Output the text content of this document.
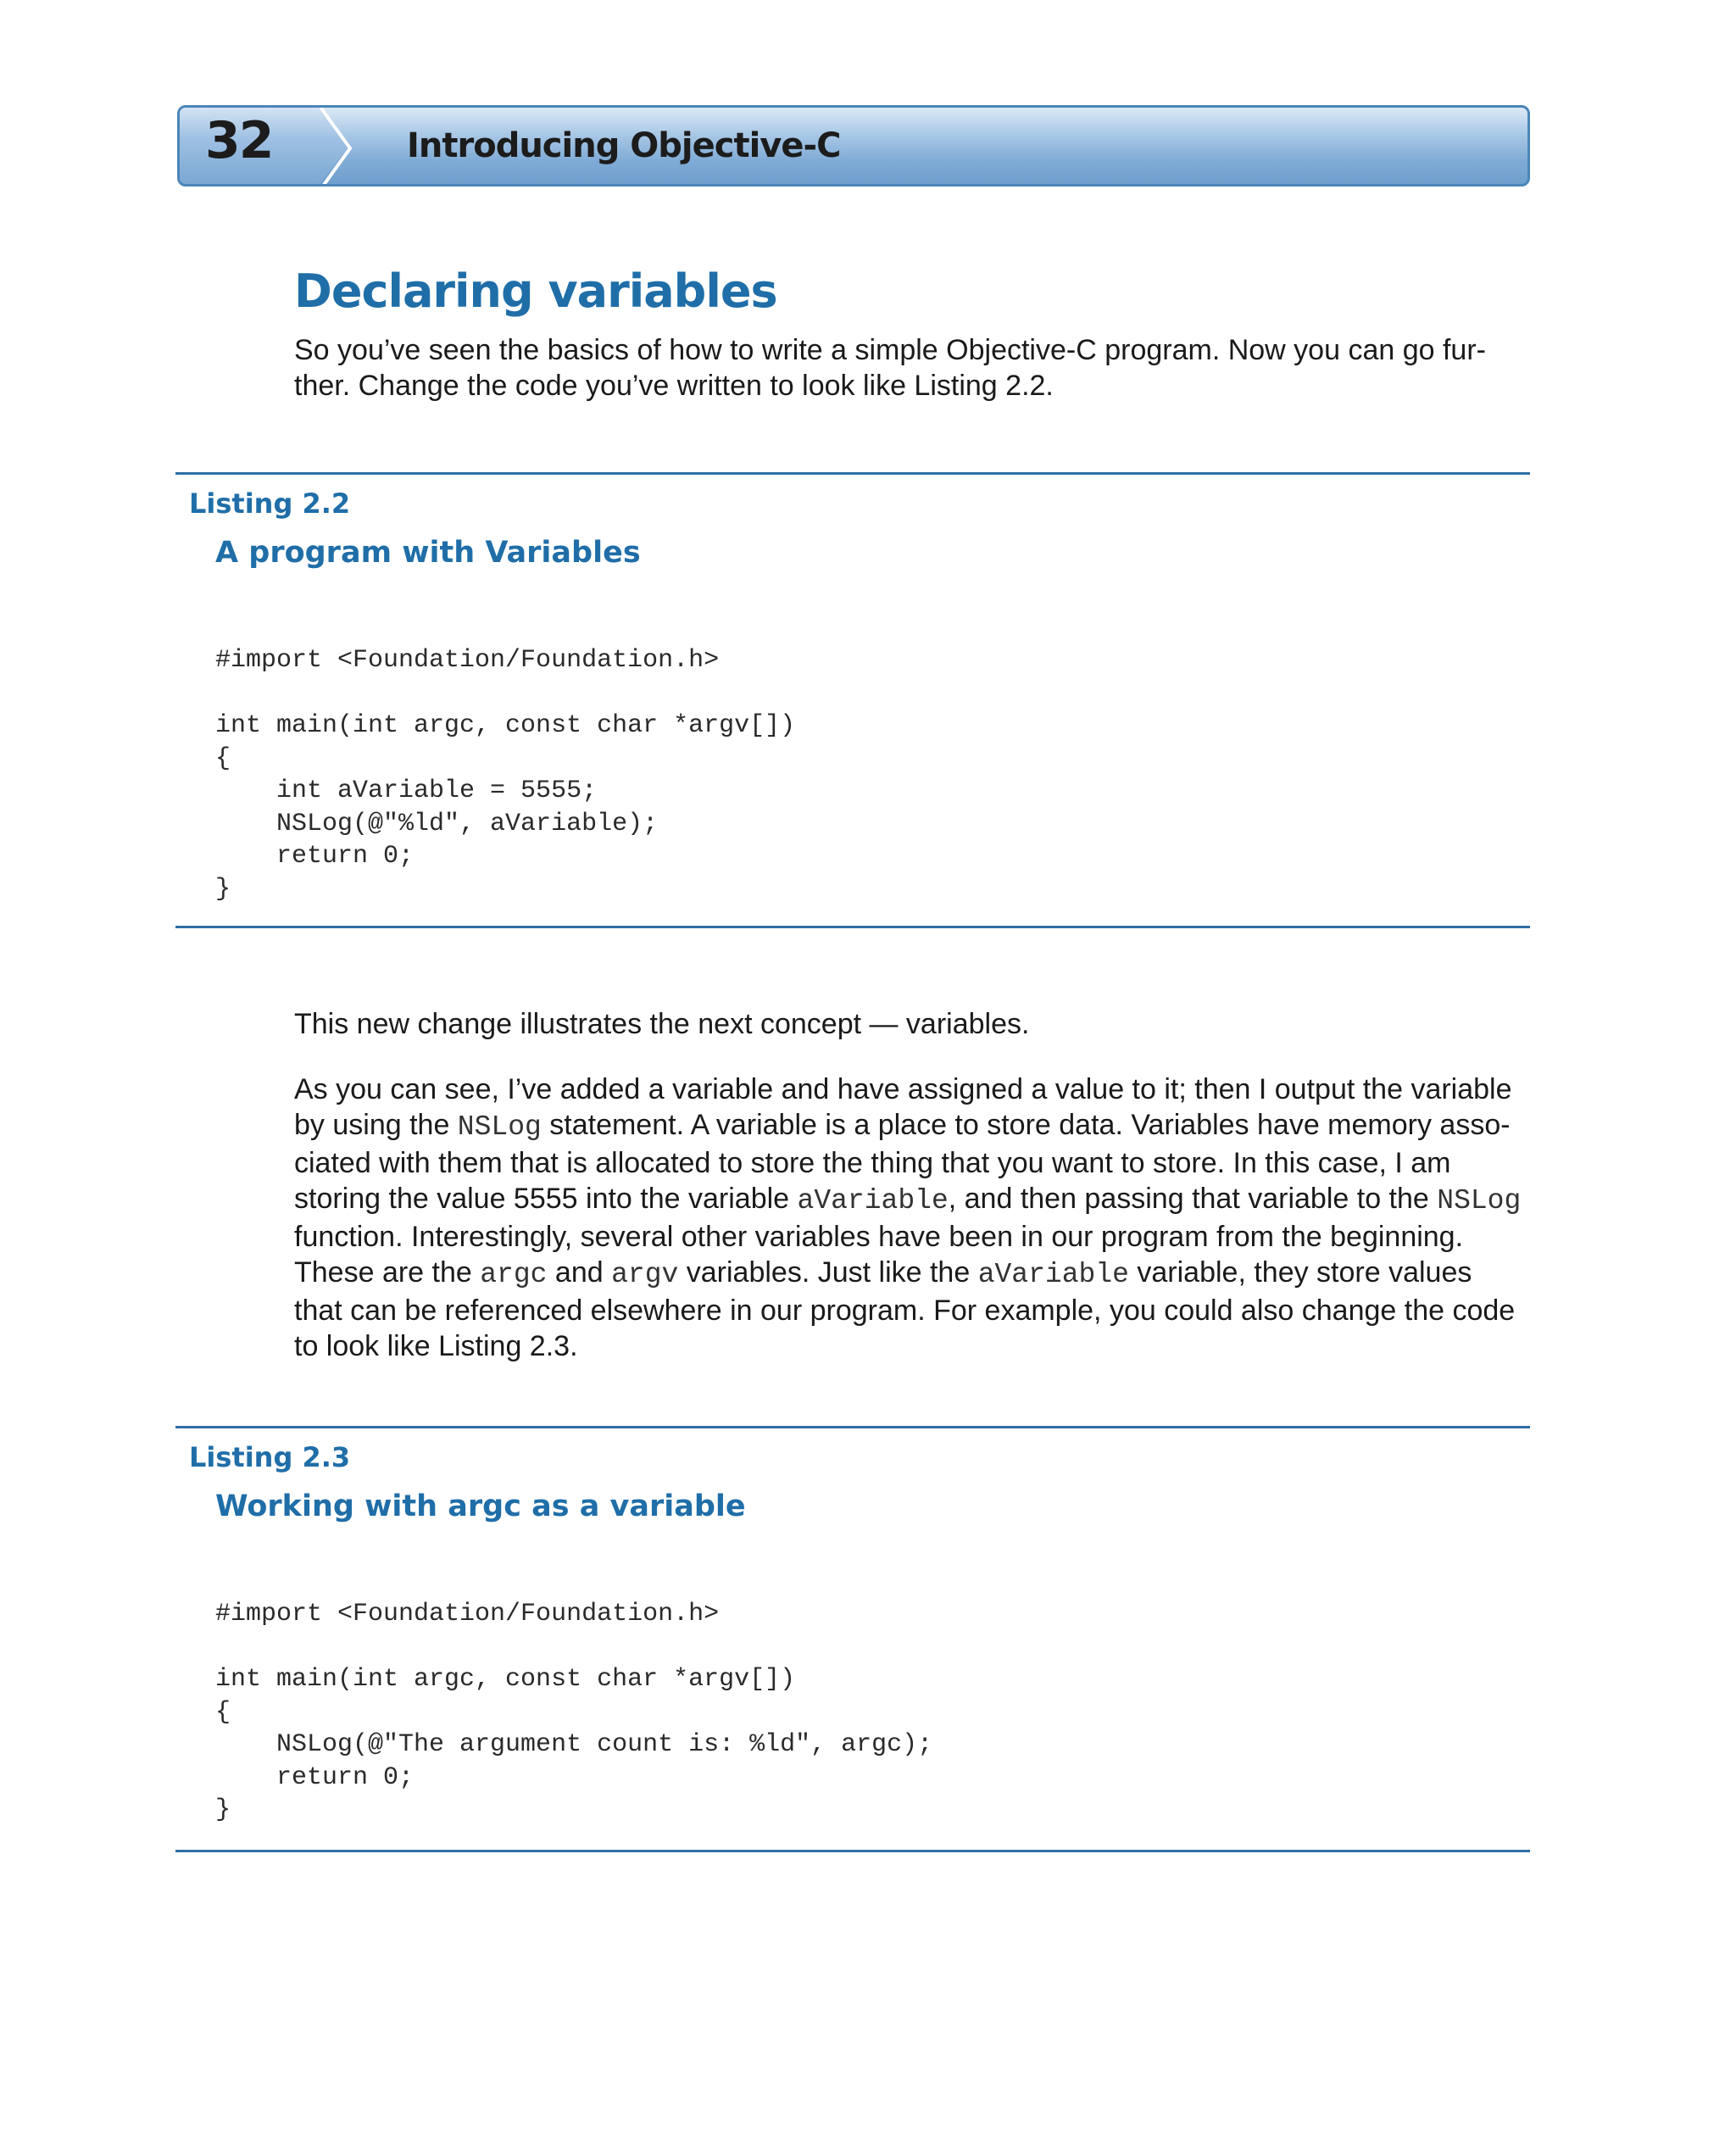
32	Introducing Objective-C
Declaring variables

So you’ve seen the basics of how to write a simple Objective-C program. Now you can go fur-ther. Change the code you’ve written to look like Listing 2.2.

Listing 2.2
A program with Variables
#import <Foundation/Foundation.h>
int main(int argc, const char *argv[])
{
int aVariable = 5555;
NSLog(@"%ld", aVariable);
return 0;
}

This new change illustrates the next concept — variables.

As you can see, I’ve added a variable and have assigned a value to it; then I output the variable by using the NSLog statement. A variable is a place to store data. Variables have memory asso-ciated with them that is allocated to store the thing that you want to store. In this case, I am storing the value 5555 into the variable aVariable, and then passing that variable to the NSLog function. Interestingly, several other variables have been in our program from the beginning. These are the argc and argv variables. Just like the aVariable variable, they store values that can be referenced elsewhere in our program. For example, you could also change the code to look like Listing 2.3.

Listing 2.3
Working with argc as a variable
#import <Foundation/Foundation.h>
int main(int argc, const char *argv[])
{
NSLog(@"The argument count is: %ld", argc);
return 0;
}
